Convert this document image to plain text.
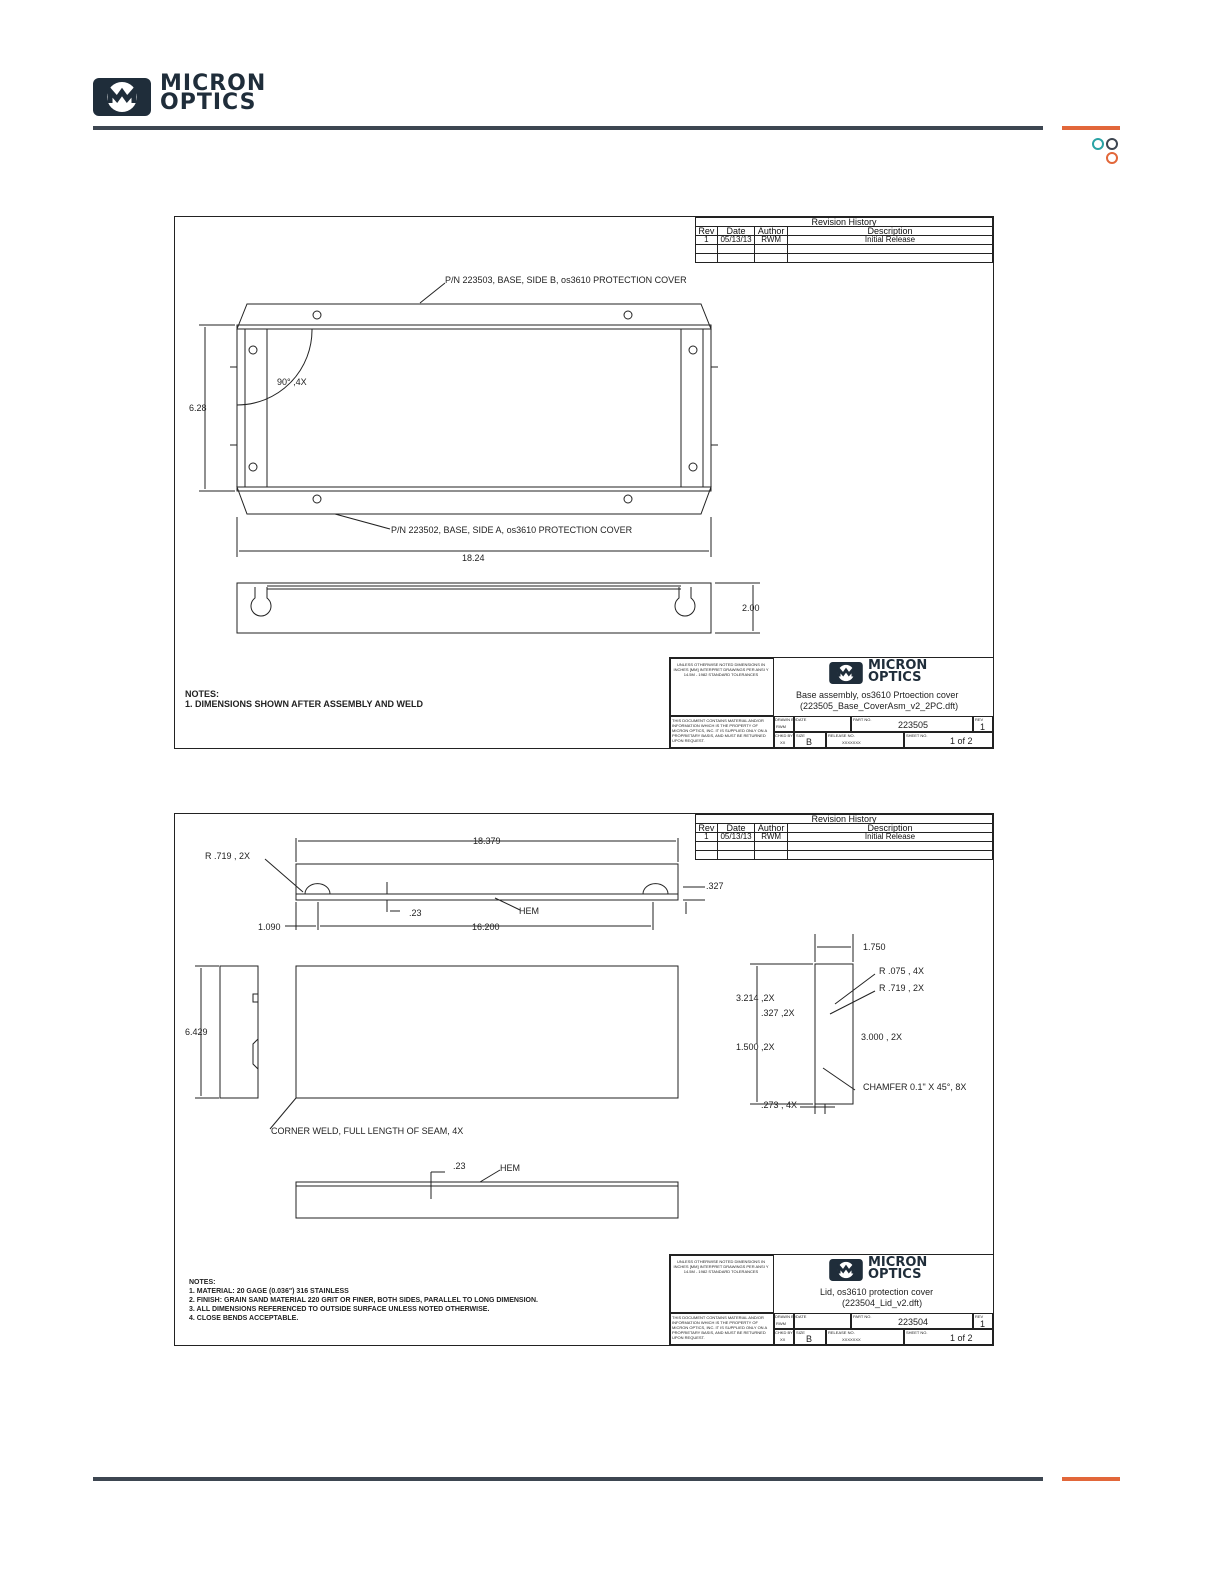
MICRON
OPTICS
Revision History			
Rev	Date	Author	Description
1	05/13/13	RWM	Initial Release

P/N 223503, BASE, SIDE B, os3610 PROTECTION COVER
P/N 223502, BASE, SIDE A, os3610 PROTECTION COVER
90° ,4X
6.28
18.24
2.00
NOTES:
1. DIMENSIONS SHOWN AFTER ASSEMBLY AND WELD
UNLESS OTHERWISE NOTED DIMENSIONS IN INCHES [MM] INTERPRET DRAWINGS PER ANSI Y 14.5M - 1982 STANDARD TOLERANCES
THIS DOCUMENT CONTAINS MATERIAL AND/OR INFORMATION WHICH IS THE PROPERTY OF MICRON OPTICS, INC. IT IS SUPPLIED ONLY ON A PROPRIETARY BASIS, AND MUST BE RETURNED UPON REQUEST.
MICRON
OPTICS
Base assembly, os3610 Prtoection cover
(223505_Base_CoverAsm_v2_2PC.dft)
DRAWN BY
RWM
DATE	PART NO.
223505
REV
1
CHKD BY
XX
SIZE
B
RELEASE NO.
XXXXXXX
SHEET NO.
1 of 2
Revision History			
Rev	Date	Author	Description
1	05/13/13	RWM	Initial Release

18.379
R .719 , 2X
.327
.23	HEM
1.090	16.200
6.429
1.750
R .075 , 4X
R .719 , 2X
3.214 ,2X
.327 ,2X
3.000 , 2X
1.500 ,2X
CHAMFER 0.1" X 45°, 8X
.273 , 4X
CORNER WELD, FULL LENGTH OF SEAM, 4X
.23	HEM
NOTES:
1. MATERIAL: 20 GAGE (0.036") 316 STAINLESS
2. FINISH: GRAIN SAND MATERIAL 220 GRIT OR FINER, BOTH SIDES, PARALLEL TO LONG DIMENSION.
3. ALL DIMENSIONS REFERENCED TO OUTSIDE SURFACE UNLESS NOTED OTHERWISE.
4. CLOSE BENDS ACCEPTABLE.
UNLESS OTHERWISE NOTED DIMENSIONS IN INCHES [MM] INTERPRET DRAWINGS PER ANSI Y 14.5M - 1982 STANDARD TOLERANCES
THIS DOCUMENT CONTAINS MATERIAL AND/OR INFORMATION WHICH IS THE PROPERTY OF MICRON OPTICS, INC. IT IS SUPPLIED ONLY ON A PROPRIETARY BASIS, AND MUST BE RETURNED UPON REQUEST.
MICRON
OPTICS
Lid, os3610 protection cover
(223504_Lid_v2.dft)
DRAWN BY
RWM
DATE	PART NO.
223504
REV
1
CHKD BY
XX
SIZE
B
RELEASE NO.
XXXXXXX
SHEET NO.
1 of 2
